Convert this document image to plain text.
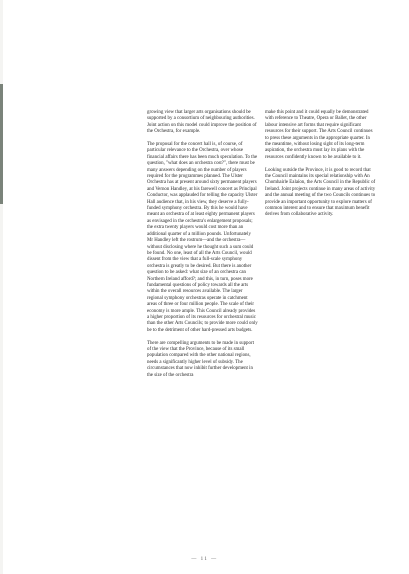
growing view that larger arts organisations should be supported by a consortium of neighbouring authorities. Joint action on this model could improve the position of the Orchestra, for example.

The proposal for the concert hall is, of course, of particular relevance to the Orchestra, over whose financial affairs there has been much speculation. To the question, "what does an orchestra cost?", there must be many answers depending on the number of players required for the programmes planned. The Ulster Orchestra has at present around sixty permanent players and Vernon Handley, at his farewell concert as Principal Conductor, was applauded for telling the capacity Ulster Hall audience that, in his view, they deserve a fully-funded symphony orchestra. By this he would have meant an orchestra of at least eighty permanent players as envisaged in the orchestra's enlargement proposals; the extra twenty players would cost more than an additional quarter of a million pounds. Unfortunately Mr Handley left the rostrum—and the orchestra—without disclosing where he thought such a sum could be found. No one, least of all the Arts Council, would dissent from the view that a full-scale symphony orchestra is greatly to be desired. But there is another question to be asked: what size of an orchestra can Northern Ireland afford?; and this, in turn, poses more fundamental questions of policy towards all the arts within the overall resources available. The larger regional symphony orchestras operate in catchment areas of three or four million people. The scale of their economy is more ample. This Council already provides a higher proportion of its resources for orchestral music than the other Arts Councils; to provide more could only be to the detriment of other hard-pressed arts budgets.

There are compelling arguments to be made in support of the view that the Province, because of its small population compared with the other national regions, needs a significantly higher level of subsidy. The circumstances that now inhibit further development in the size of the orchestra

make this point and it could equally be demonstrated with reference to Theatre, Opera or Ballet, the other labour intensive art forms that require significant resources for their support. The Arts Council continues to press these arguments in the appropriate quarter. In the meantime, without losing sight of its long-term aspiration, the orchestra must lay its plans with the resources confidently known to be available to it.

Looking outside the Province, it is good to record that the Council maintains its special relationship with An Chomhairle Ealaíon, the Arts Council in the Republic of Ireland. Joint projects continue in many areas of activity and the annual meeting of the two Councils continues to provide an important opportunity to explore matters of common interest and to ensure that maximum benefit derives from collaborative activity.

— 11 —
